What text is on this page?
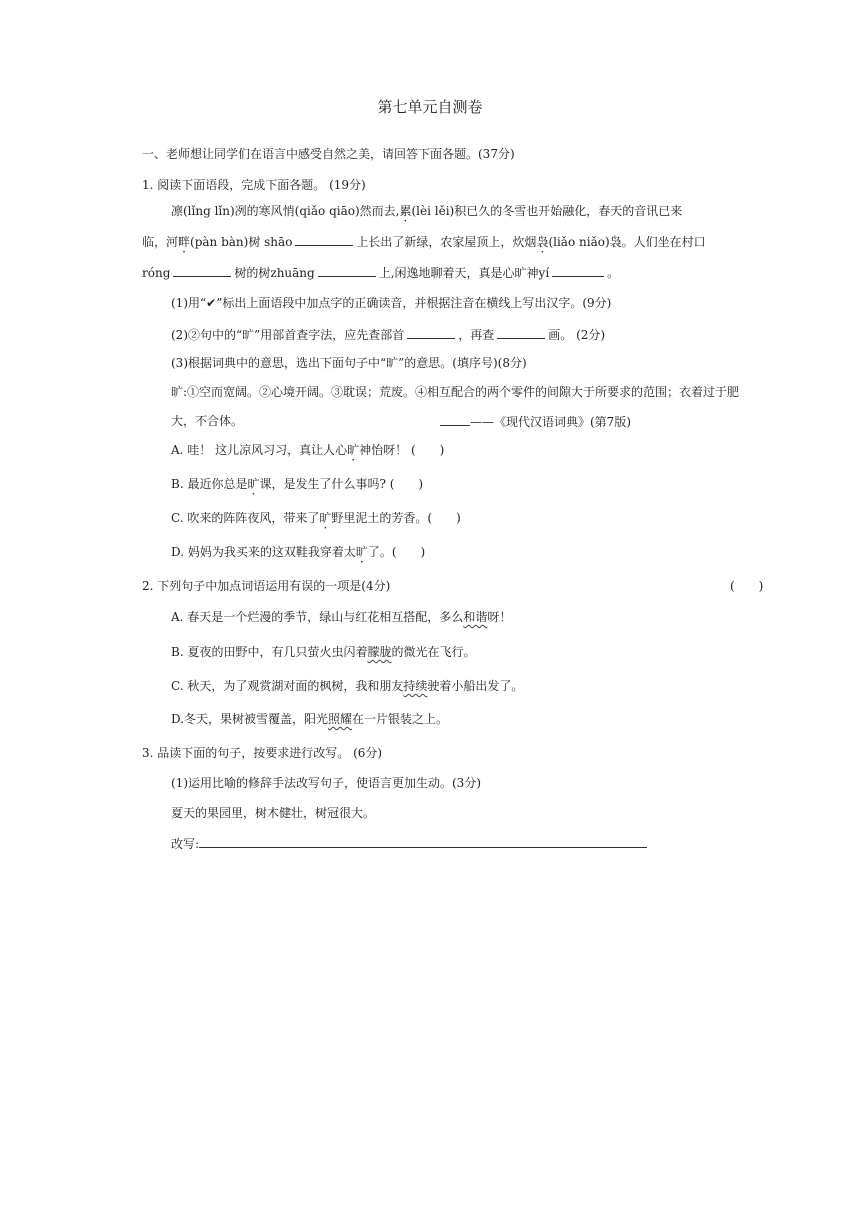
第七单元自测卷
一、老师想让同学们在语言中感受自然之美，请回答下面各题。(37分)
1. 阅读下面语段，完成下面各题。 (19分)
凛(lǐng lǐn)冽的寒风悄(qiǎo qiāo)然而去,累(lèi lěi)积已久的冬雪也开始融化，春天的音讯已来
临，河畔(pàn bàn)树 shāo	上长出了新绿，农家屋顶上，炊烟袅(liǎo niǎo)袅。人们坐在村口
róng	树的树zhuāng	上,闲逸地聊着天，真是心旷神yí	。
(1)用“✔”标出上面语段中加点字的正确读音，并根据注音在横线上写出汉字。(9分)
(2)②句中的“旷”用部首查字法，应先查部首	，再查	画。 (2分)
(3)根据词典中的意思，选出下面句子中“旷”的意思。(填序号)(8分)
旷:①空而宽阔。②心境开阔。③耽误；荒废。④相互配合的两个零件的间隙大于所要求的范围；衣着过于肥
大，不合体。	——《现代汉语词典》(第7版)
A. 哇！ 这儿凉风习习，真让人心旷神怡呀！ (　　)
B. 最近你总是旷课，是发生了什么事吗? (　　)
C. 吹来的阵阵夜风，带来了旷野里泥土的芳香。(　　)
D. 妈妈为我买来的这双鞋我穿着太旷了。(　　)
2. 下列句子中加点词语运用有误的一项是(4分)	(　　)
A. 春天是一个烂漫的季节，绿山与红花相互搭配，多么和谐呀！
B. 夏夜的田野中，有几只萤火虫闪着朦胧的微光在飞行。
C. 秋天，为了观赏湖对面的枫树，我和朋友持续驶着小船出发了。
D.冬天，果树被雪覆盖，阳光照耀在一片银装之上。
3. 品读下面的句子，按要求进行改写。 (6分)
(1)运用比喻的修辞手法改写句子，使语言更加生动。(3分)
夏天的果园里，树木健壮，树冠很大。
改写:
